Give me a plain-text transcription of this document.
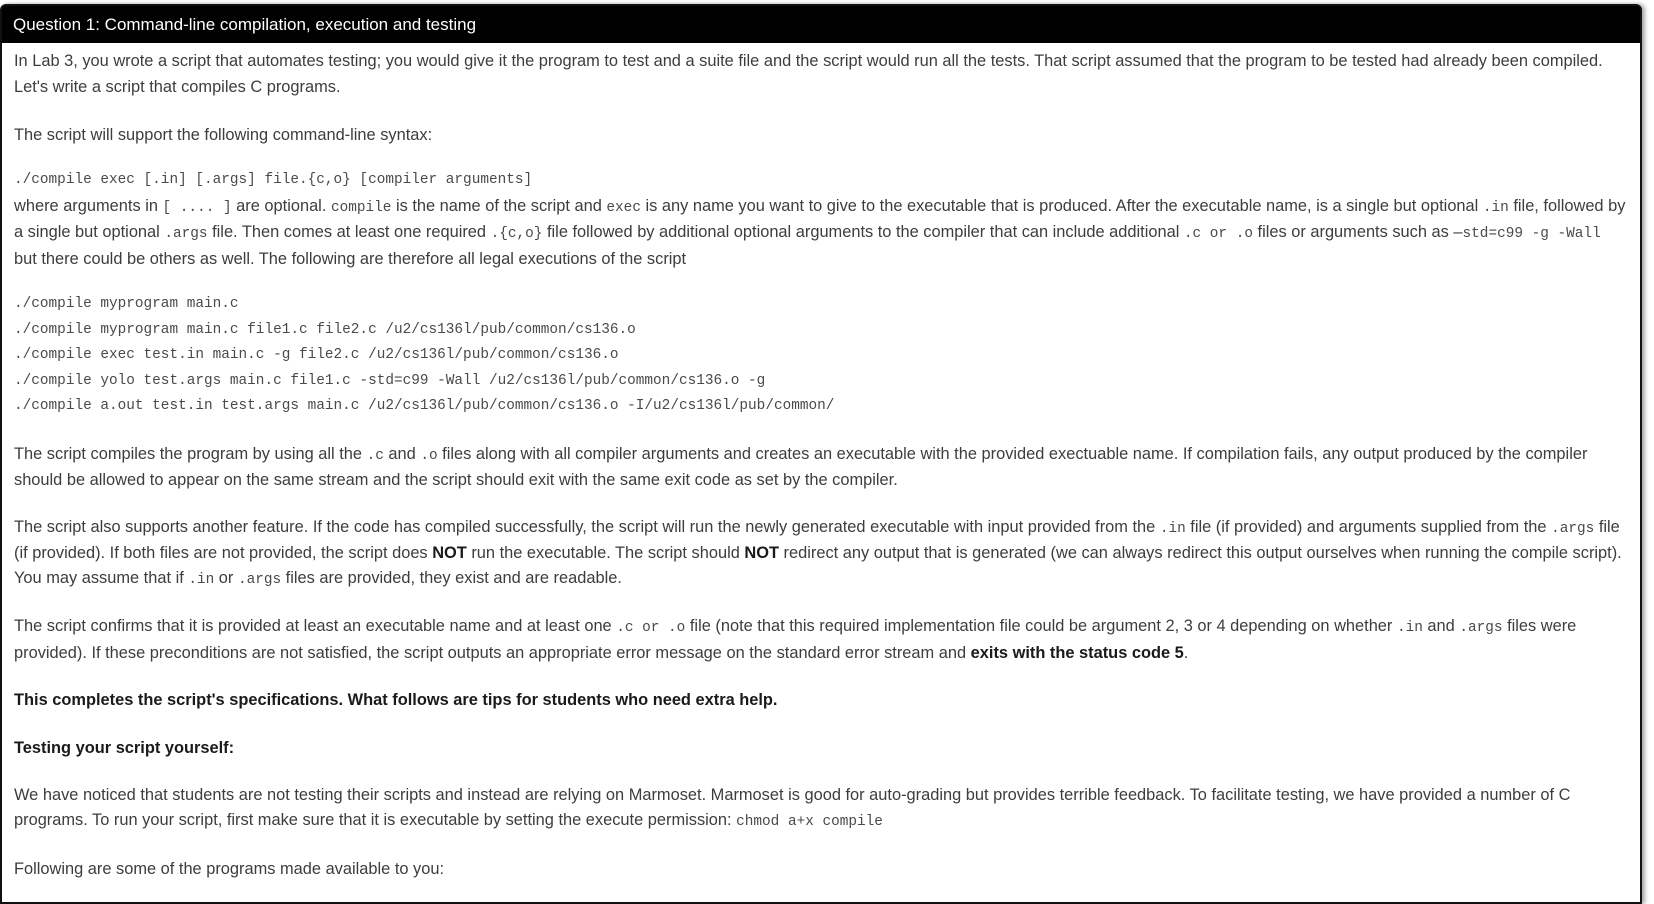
Question 1: Command-line compilation, execution and testing

In Lab 3, you wrote a script that automates testing; you would give it the program to test and a suite file and the script would run all the tests. That script assumed that the program to be tested had already been compiled. Let's write a script that compiles C programs.

The script will support the following command-line syntax:

./compile exec [.in] [.args] file.{c,o} [compiler arguments]

where arguments in [ .... ] are optional. compile is the name of the script and exec is any name you want to give to the executable that is produced. After the executable name, is a single but optional .in file, followed by a single but optional .args file. Then comes at least one required .{c,o} file followed by additional optional arguments to the compiler that can include additional .c or .o files or arguments such as –std=c99 -g -Wall but there could be others as well. The following are therefore all legal executions of the script

./compile myprogram main.c
./compile myprogram main.c file1.c file2.c /u2/cs136l/pub/common/cs136.o
./compile exec test.in main.c -g file2.c /u2/cs136l/pub/common/cs136.o
./compile yolo test.args main.c file1.c -std=c99 -Wall /u2/cs136l/pub/common/cs136.o -g
./compile a.out test.in test.args main.c /u2/cs136l/pub/common/cs136.o -I/u2/cs136l/pub/common/

The script compiles the program by using all the .c and .o files along with all compiler arguments and creates an executable with the provided exectuable name. If compilation fails, any output produced by the compiler should be allowed to appear on the same stream and the script should exit with the same exit code as set by the compiler.

The script also supports another feature. If the code has compiled successfully, the script will run the newly generated executable with input provided from the .in file (if provided) and arguments supplied from the .args file (if provided). If both files are not provided, the script does NOT run the executable. The script should NOT redirect any output that is generated (we can always redirect this output ourselves when running the compile script). You may assume that if .in or .args files are provided, they exist and are readable.

The script confirms that it is provided at least an executable name and at least one .c or .o file (note that this required implementation file could be argument 2, 3 or 4 depending on whether .in and .args files were provided). If these preconditions are not satisfied, the script outputs an appropriate error message on the standard error stream and exits with the status code 5.

This completes the script's specifications. What follows are tips for students who need extra help.

Testing your script yourself:

We have noticed that students are not testing their scripts and instead are relying on Marmoset. Marmoset is good for auto-grading but provides terrible feedback. To facilitate testing, we have provided a number of C programs. To run your script, first make sure that it is executable by setting the execute permission: chmod a+x compile

Following are some of the programs made available to you:
